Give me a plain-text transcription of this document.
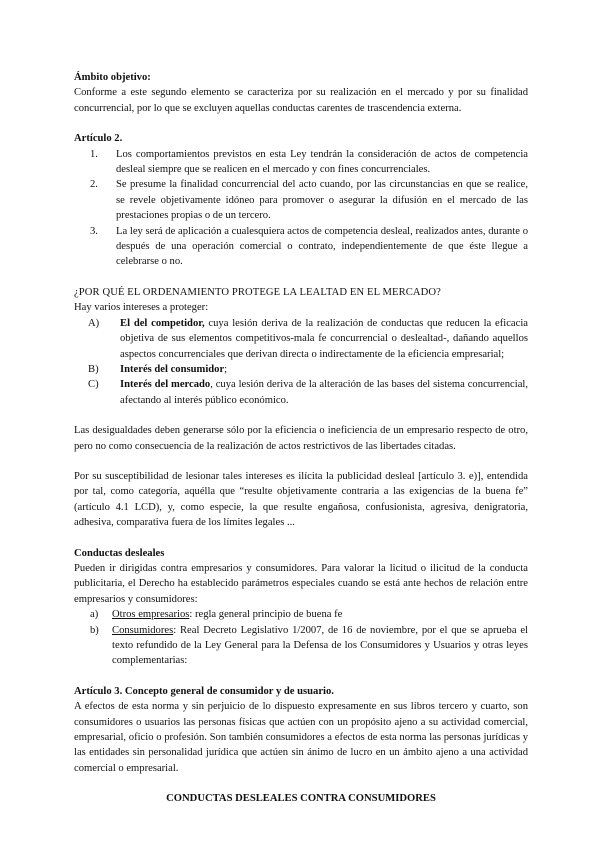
Ámbito objetivo:

Conforme a este segundo elemento se caracteriza por su realización en el mercado y por su finalidad concurrencial, por lo que se excluyen aquellas conductas carentes de trascendencia externa.

Artículo 2.

1.	Los comportamientos previstos en esta Ley tendrán la consideración de actos de competencia desleal siempre que se realicen en el mercado y con fines concurrenciales.
2.	Se presume la finalidad concurrencial del acto cuando, por las circunstancias en que se realice, se revele objetivamente idóneo para promover o asegurar la difusión en el mercado de las prestaciones propias o de un tercero.
3.	La ley será de aplicación a cualesquiera actos de competencia desleal, realizados antes, durante o después de una operación comercial o contrato, independientemente de que éste llegue a celebrarse o no.

¿POR QUÉ EL ORDENAMIENTO PROTEGE LA LEALTAD EN EL MERCADO?

Hay varios intereses a proteger:

A)	El del competidor, cuya lesión deriva de la realización de conductas que reducen la eficacia objetiva de sus elementos competitivos-mala fe concurrencial o deslealtad-, dañando aquellos aspectos concurrenciales que derivan directa o indirectamente de la eficiencia empresarial;
B)	Interés del consumidor;
C)	Interés del mercado, cuya lesión deriva de la alteración de las bases del sistema concurrencial, afectando al interés público económico.

Las desigualdades deben generarse sólo por la eficiencia o ineficiencia de un empresario respecto de otro, pero no como consecuencia de la realización de actos restrictivos de las libertades citadas.

Por su susceptibilidad de lesionar tales intereses es ilícita la publicidad desleal [artículo 3. e)], entendida por tal, como categoría, aquélla que “resulte objetivamente contraria a las exigencias de la buena fe” (artículo 4.1 LCD), y, como especie, la que resulte engañosa, confusionista, agresiva, denigratoria, adhesiva, comparativa fuera de los límites legales ...

Conductas desleales

Pueden ir dirigidas contra empresarios y consumidores. Para valorar la licitud o ilicitud de la conducta publicitaria, el Derecho ha establecido parámetros especiales cuando se está ante hechos de relación entre empresarios y consumidores:

a)	Otros empresarios: regla general principio de buena fe
b)	Consumidores: Real Decreto Legislativo 1/2007, de 16 de noviembre, por el que se aprueba el texto refundido de la Ley General para la Defensa de los Consumidores y Usuarios y otras leyes complementarias:

Artículo 3. Concepto general de consumidor y de usuario.

A efectos de esta norma y sin perjuicio de lo dispuesto expresamente en sus libros tercero y cuarto, son consumidores o usuarios las personas físicas que actúen con un propósito ajeno a su actividad comercial, empresarial, oficio o profesión. Son también consumidores a efectos de esta norma las personas jurídicas y las entidades sin personalidad jurídica que actúen sin ánimo de lucro en un ámbito ajeno a una actividad comercial o empresarial.

CONDUCTAS DESLEALES CONTRA CONSUMIDORES
